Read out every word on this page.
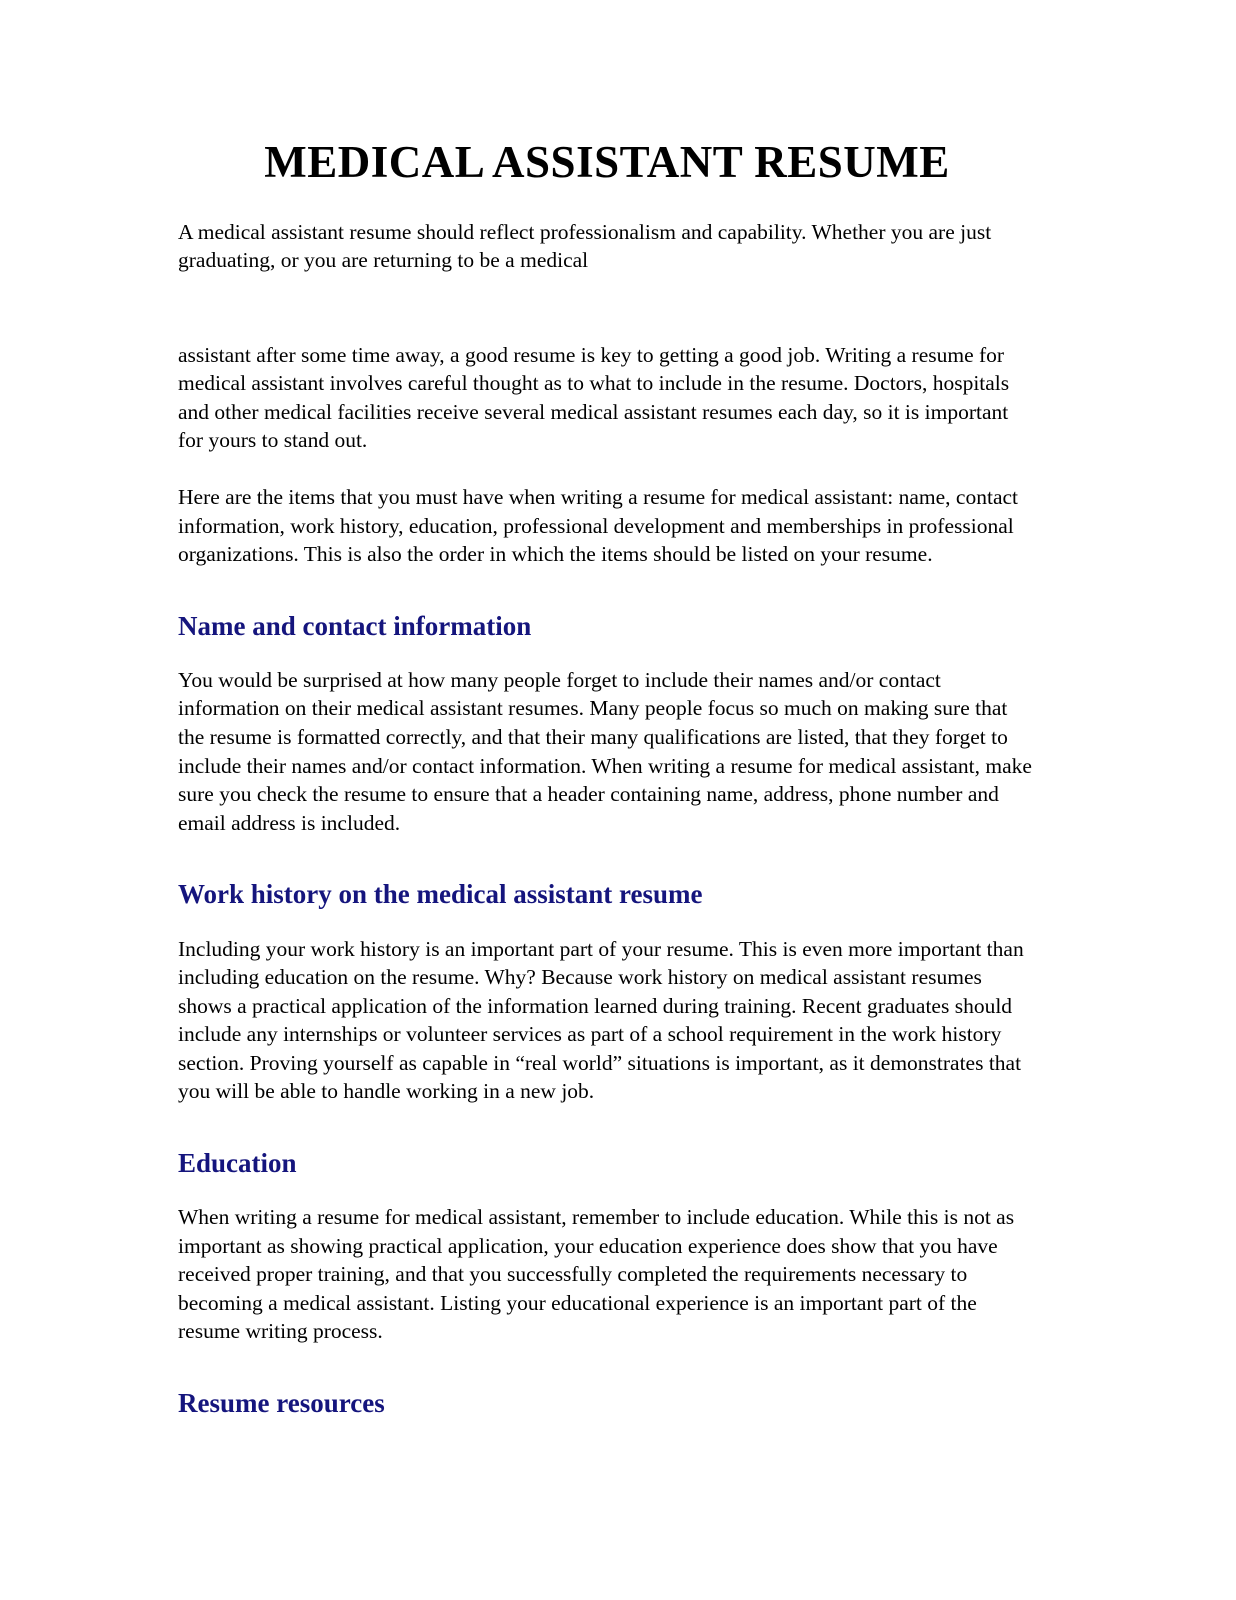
MEDICAL ASSISTANT RESUME

A medical assistant resume should reflect professionalism and capability. Whether you are just graduating, or you are returning to be a medical

assistant after some time away, a good resume is key to getting a good job. Writing a resume for medical assistant involves careful thought as to what to include in the resume. Doctors, hospitals and other medical facilities receive several medical assistant resumes each day, so it is important for yours to stand out.

Here are the items that you must have when writing a resume for medical assistant: name, contact information, work history, education, professional development and memberships in professional organizations. This is also the order in which the items should be listed on your resume.

Name and contact information

You would be surprised at how many people forget to include their names and/or contact information on their medical assistant resumes. Many people focus so much on making sure that the resume is formatted correctly, and that their many qualifications are listed, that they forget to include their names and/or contact information. When writing a resume for medical assistant, make sure you check the resume to ensure that a header containing name, address, phone number and email address is included.

Work history on the medical assistant resume

Including your work history is an important part of your resume. This is even more important than including education on the resume. Why? Because work history on medical assistant resumes shows a practical application of the information learned during training. Recent graduates should include any internships or volunteer services as part of a school requirement in the work history section. Proving yourself as capable in “real world” situations is important, as it demonstrates that you will be able to handle working in a new job.

Education

When writing a resume for medical assistant, remember to include education. While this is not as important as showing practical application, your education experience does show that you have received proper training, and that you successfully completed the requirements necessary to becoming a medical assistant. Listing your educational experience is an important part of the resume writing process.

Resume resources
